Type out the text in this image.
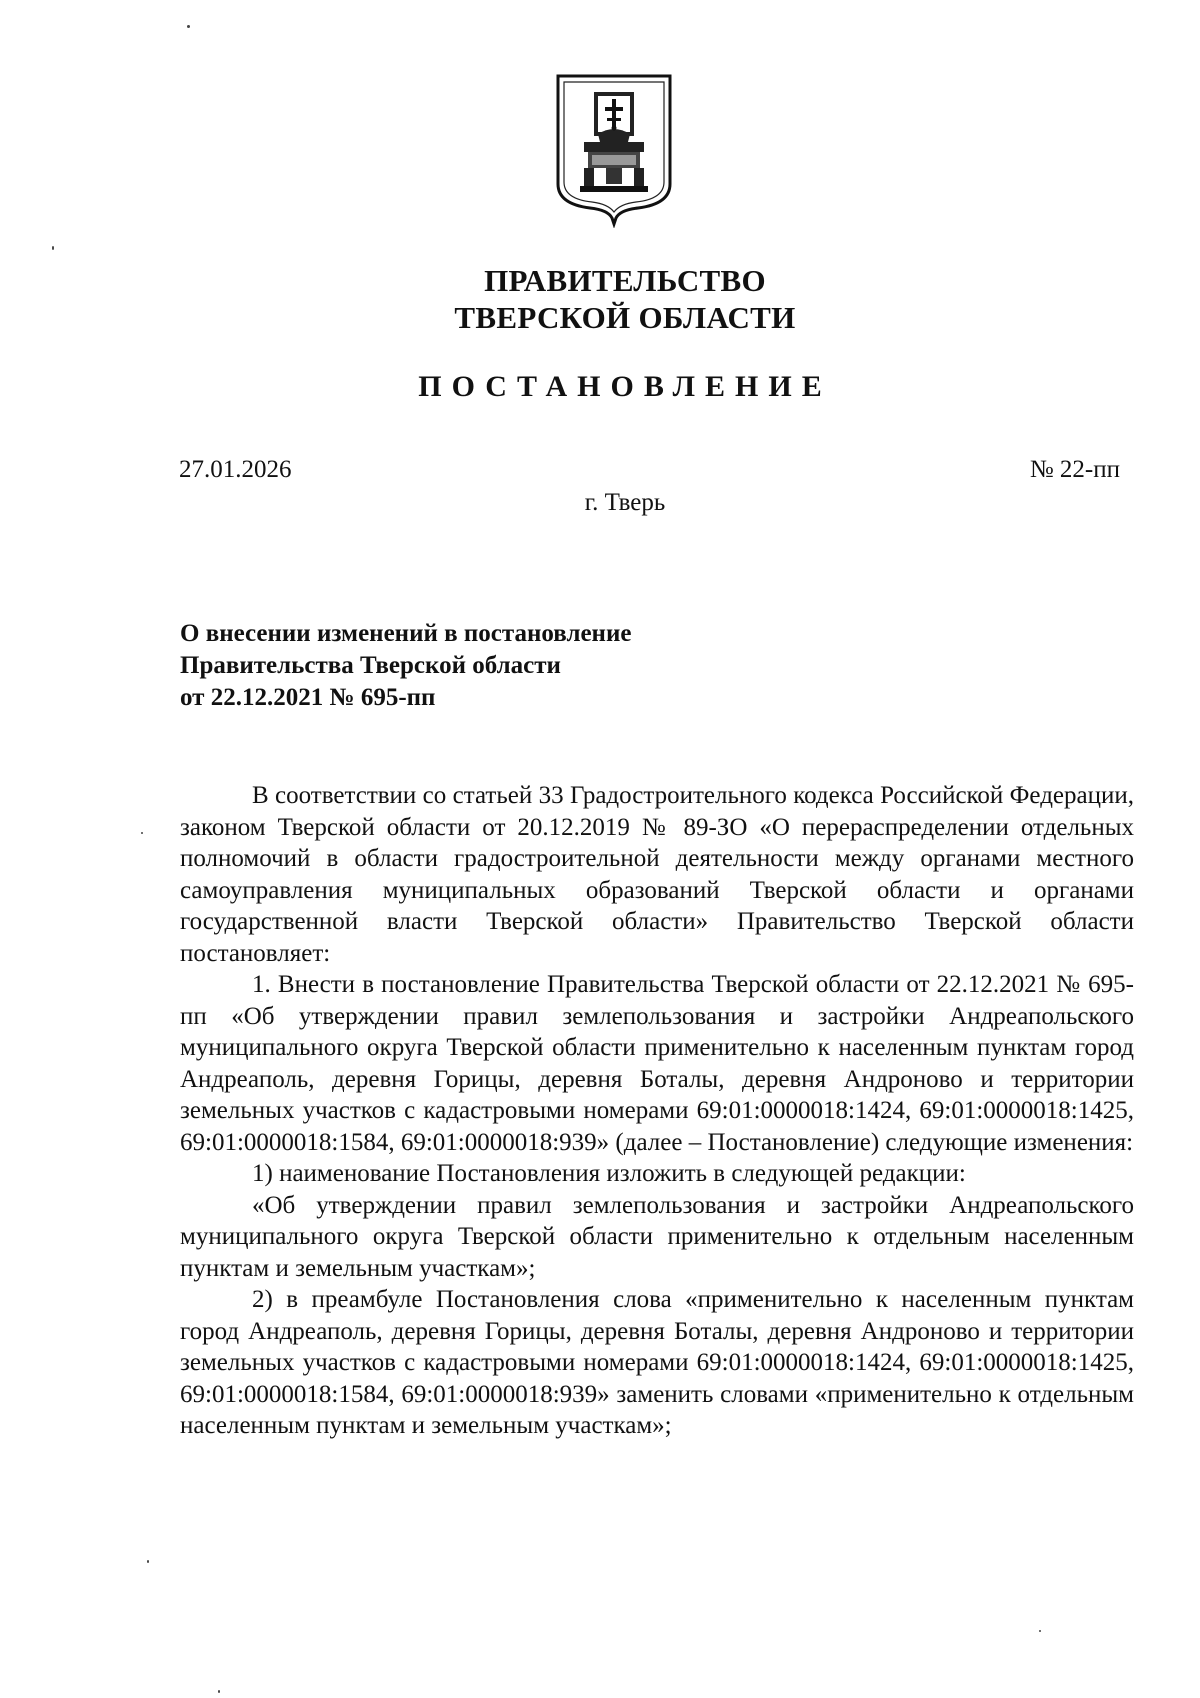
ПРАВИТЕЛЬСТВО
ТВЕРСКОЙ ОБЛАСТИ
ПОСТАНОВЛЕНИЕ
27.01.2026	№ 22-пп
г. Тверь
О внесении изменений в постановление
Правительства Тверской области
от 22.12.2021 № 695-пп

В соответствии со статьей 33 Градостроительного кодекса Российской Федерации, законом Тверской области от 20.12.2019 № 89-ЗО «О перераспределении отдельных полномочий в области градостроительной деятельности между органами местного самоуправления муниципальных образований Тверской области и органами государственной власти Тверской области» Правительство Тверской области постановляет:

1. Внести в постановление Правительства Тверской области от 22.12.2021 № 695-пп «Об утверждении правил землепользования и застройки Андреапольского муниципального округа Тверской области применительно к населенным пунктам город Андреаполь, деревня Горицы, деревня Боталы, деревня Андроново и территории земельных участков с кадастровыми номерами 69:01:0000018:1424, 69:01:0000018:1425, 69:01:0000018:1584, 69:01:0000018:939» (далее – Постановление) следующие изменения:

1) наименование Постановления изложить в следующей редакции:

«Об утверждении правил землепользования и застройки Андреапольского муниципального округа Тверской области применительно к отдельным населенным пунктам и земельным участкам»;

2) в преамбуле Постановления слова «применительно к населенным пунктам город Андреаполь, деревня Горицы, деревня Боталы, деревня Андроново и территории земельных участков с кадастровыми номерами 69:01:0000018:1424, 69:01:0000018:1425, 69:01:0000018:1584, 69:01:0000018:939» заменить словами «применительно к отдельным населенным пунктам и земельным участкам»;
